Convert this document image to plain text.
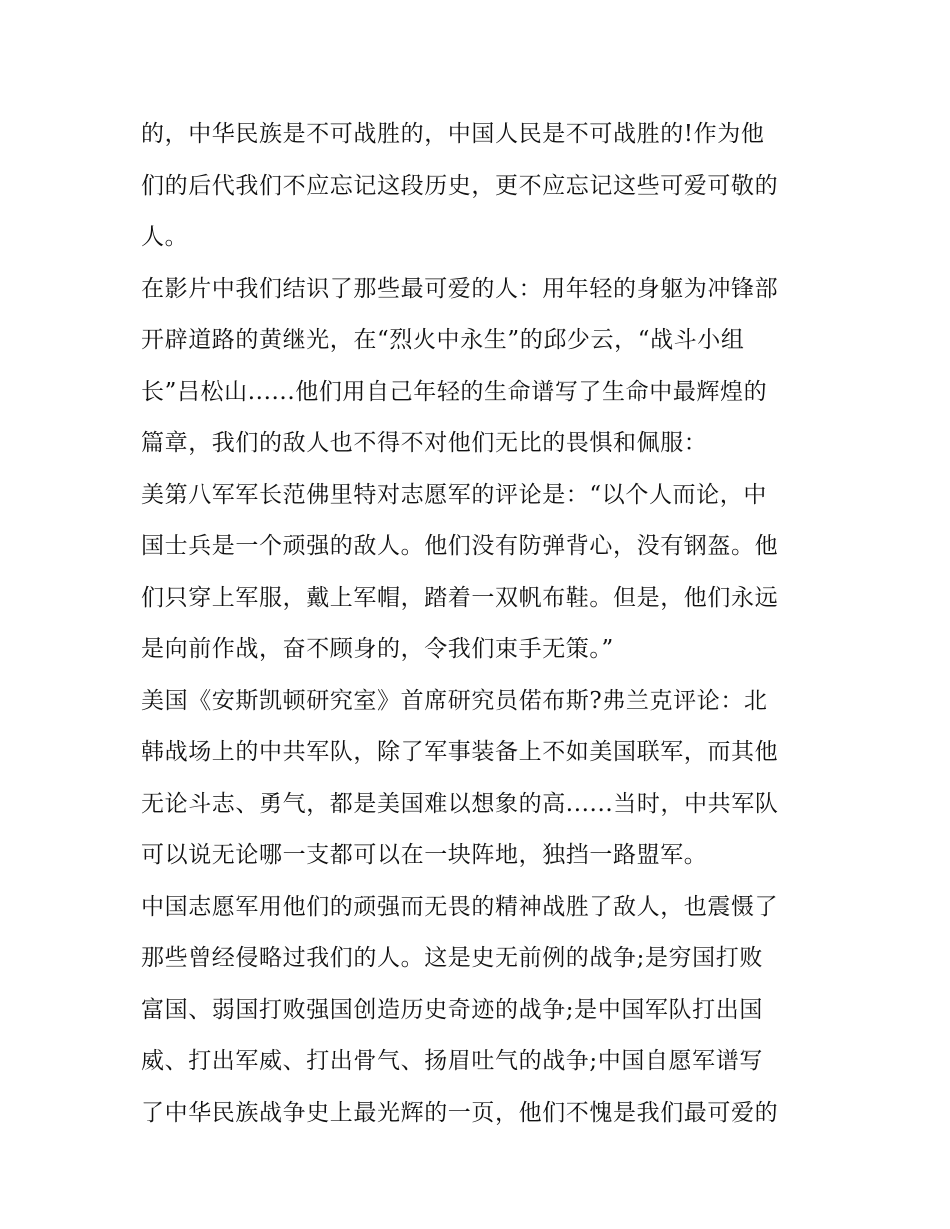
的，中华民族是不可战胜的，中国人民是不可战胜的!作为他
们的后代我们不应忘记这段历史，更不应忘记这些可爱可敬的
人。
在影片中我们结识了那些最可爱的人：用年轻的身躯为冲锋部
开辟道路的黄继光，在“烈火中永生”的邱少云，“战斗小组
长”吕松山......他们用自己年轻的生命谱写了生命中最辉煌的
篇章，我们的敌人也不得不对他们无比的畏惧和佩服：
美第八军军长范佛里特对志愿军的评论是：“以个人而论，中
国士兵是一个顽强的敌人。他们没有防弹背心，没有钢盔。他
们只穿上军服，戴上军帽，踏着一双帆布鞋。但是，他们永远
是向前作战，奋不顾身的，令我们束手无策。”
美国《安斯凯顿研究室》首席研究员偌布斯?弗兰克评论：北
韩战场上的中共军队，除了军事装备上不如美国联军，而其他
无论斗志、勇气，都是美国难以想象的高......当时，中共军队
可以说无论哪一支都可以在一块阵地，独挡一路盟军。
中国志愿军用他们的顽强而无畏的精神战胜了敌人，也震慑了
那些曾经侵略过我们的人。这是史无前例的战争;是穷国打败
富国、弱国打败强国创造历史奇迹的战争;是中国军队打出国
威、打出军威、打出骨气、扬眉吐气的战争;中国自愿军谱写
了中华民族战争史上最光辉的一页，他们不愧是我们最可爱的
